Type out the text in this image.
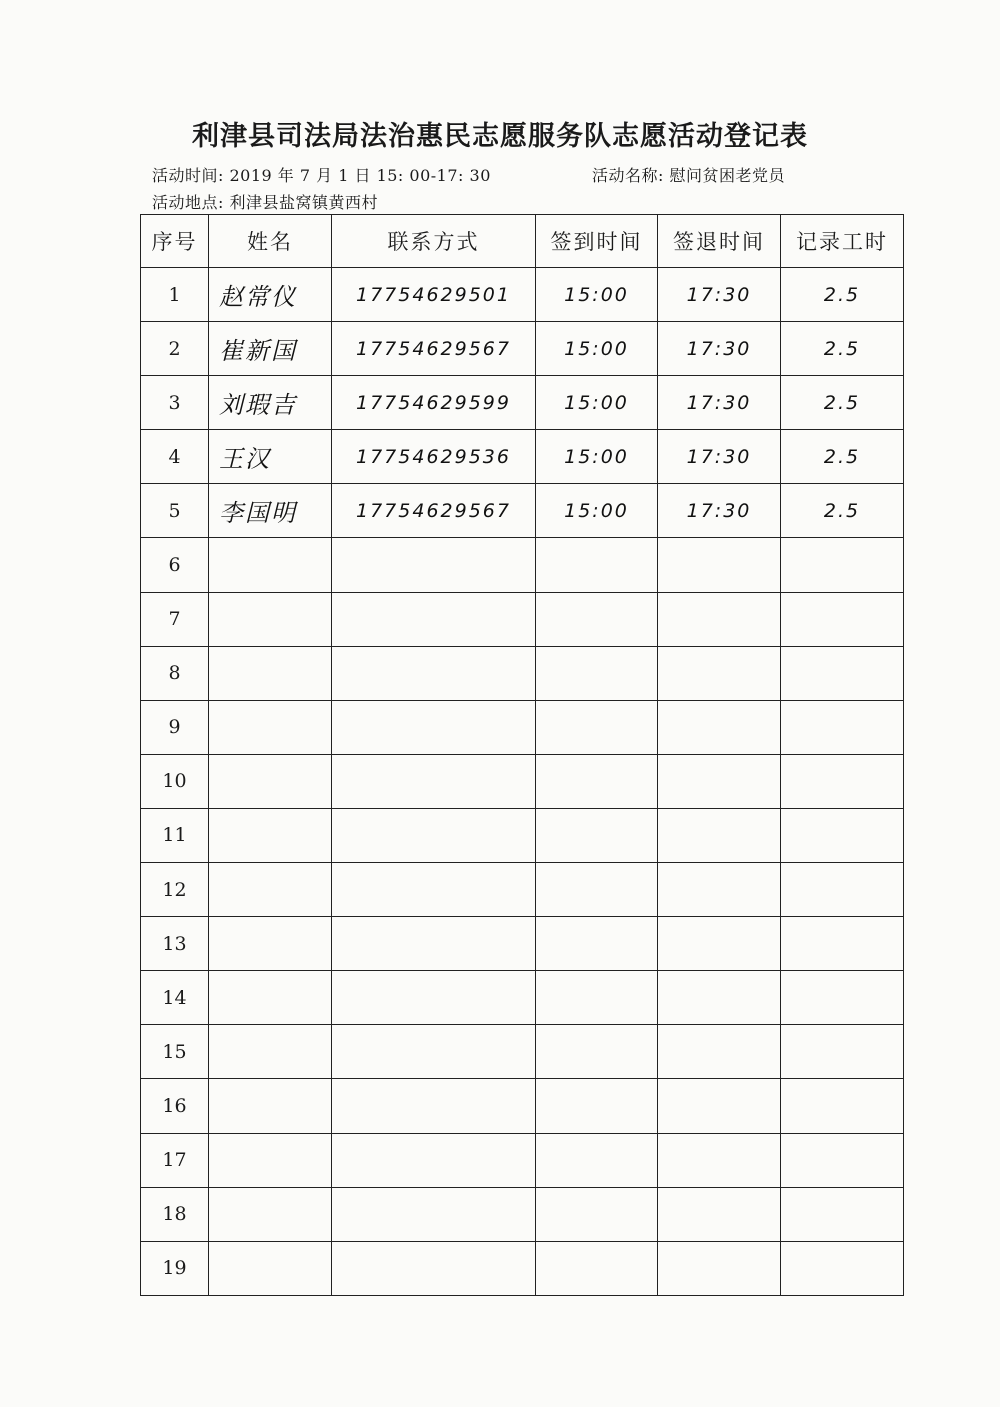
利津县司法局法治惠民志愿服务队志愿活动登记表
活动时间: 2019 年 7 月 1 日 15: 00-17: 30	活动名称: 慰问贫困老党员
活动地点: 利津县盐窝镇黄西村
序号	姓名	联系方式	签到时间	签退时间	记录工时
1	赵常仪	17754629501	15:00	17:30	2.5
2	崔新国	17754629567	15:00	17:30	2.5
3	刘瑕吉	17754629599	15:00	17:30	2.5
4	王汉	17754629536	15:00	17:30	2.5
5	李国明	17754629567	15:00	17:30	2.5
6					
7					
8					
9					
10					
11					
12					
13					
14					
15					
16					
17					
18					
19					
